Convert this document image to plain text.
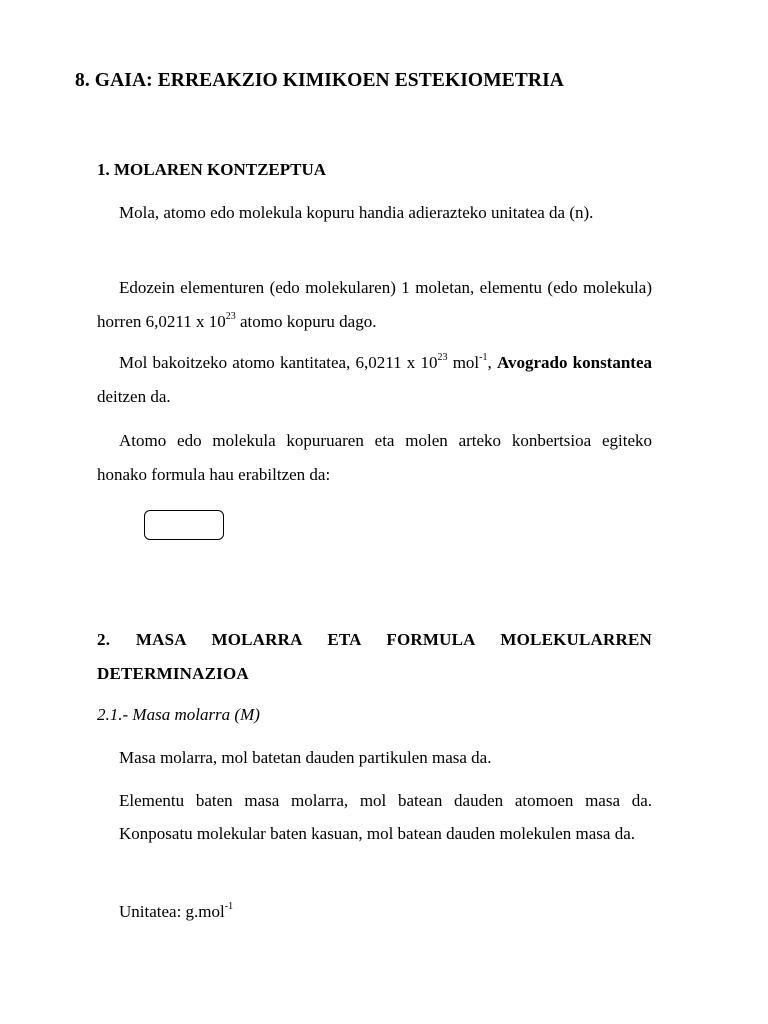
8. GAIA: ERREAKZIO KIMIKOEN ESTEKIOMETRIA
1. MOLAREN KONTZEPTUA

Mola, atomo edo molekula kopuru handia adierazteko unitatea da (n).

Edozein elementuren (edo molekularen) 1 moletan, elementu (edo molekula) horren 6,0211 x $10^{23}$ atomo kopuru dago.

Mol bakoitzeko atomo kantitatea, 6,0211 x $10^{23}$ mol$^{-1}$, Avogrado konstantea deitzen da.

Atomo edo molekula kopuruaren eta molen arteko konbertsioa egiteko honako formula hau erabiltzen da:

2. MASA MOLARRA ETA FORMULA MOLEKULARREN
DETERMINAZIOA
2.1.- Masa molarra (M)

Masa molarra, mol batetan dauden partikulen masa da.

Elementu baten masa molarra, mol batean dauden atomoen masa da. Konposatu molekular baten kasuan, mol batean dauden molekulen masa da.

Unitatea: g.mol$^{-1}$
